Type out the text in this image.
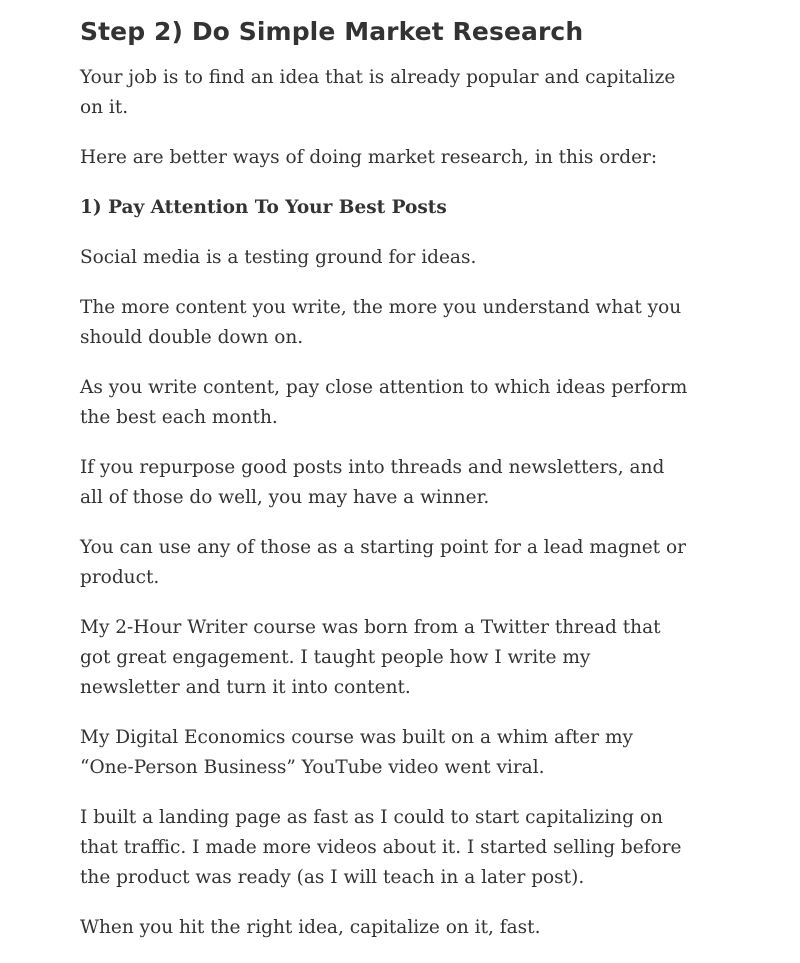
Step 2) Do Simple Market Research

Your job is to find an idea that is already popular and capitalize on it.

Here are better ways of doing market research, in this order:

1) Pay Attention To Your Best Posts

Social media is a testing ground for ideas.

The more content you write, the more you understand what you should double down on.

As you write content, pay close attention to which ideas perform the best each month.

If you repurpose good posts into threads and newsletters, and all of those do well, you may have a winner.

You can use any of those as a starting point for a lead magnet or product.

My 2-Hour Writer course was born from a Twitter thread that got great engagement. I taught people how I write my newsletter and turn it into content.

My Digital Economics course was built on a whim after my “One-Person Business” YouTube video went viral.

I built a landing page as fast as I could to start capitalizing on that traffic. I made more videos about it. I started selling before the product was ready (as I will teach in a later post).

When you hit the right idea, capitalize on it, fast.
